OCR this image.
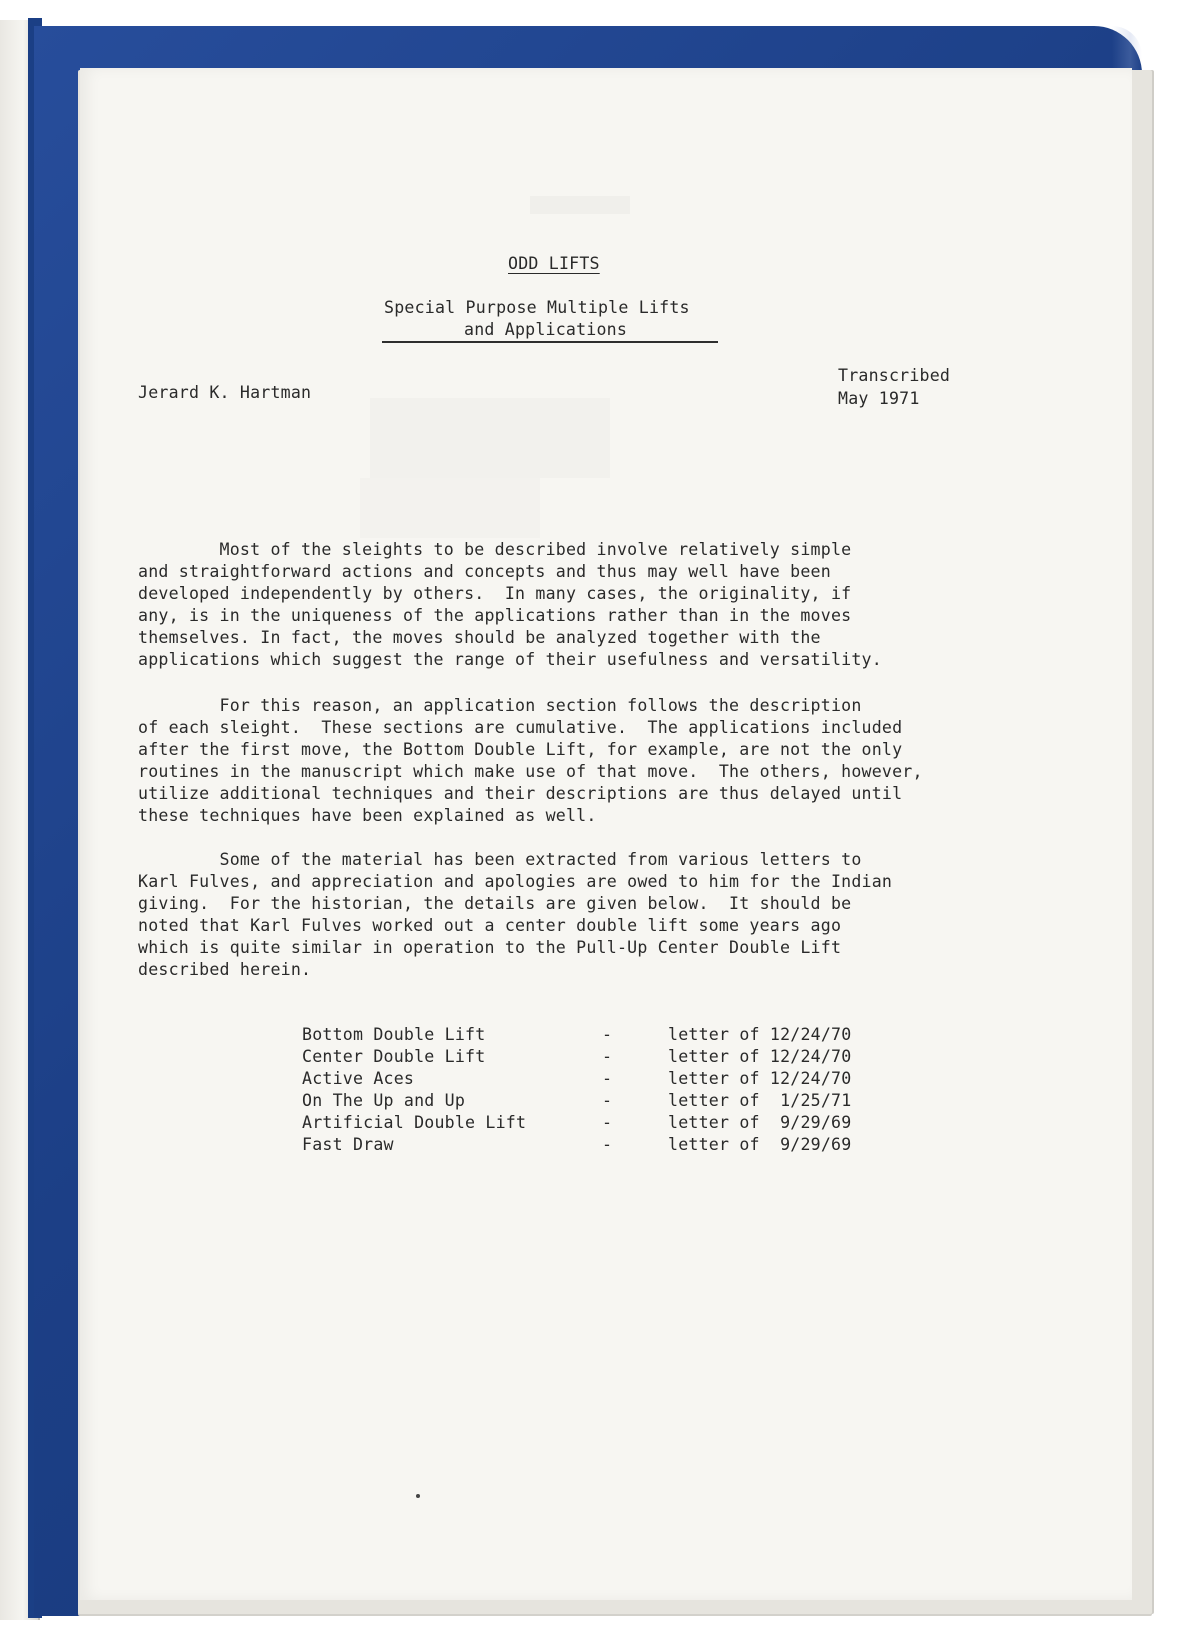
ODD LIFTS
Special Purpose Multiple Lifts
and Applications
Jerard K. Hartman
Transcribed
May 1971
Most of the sleights to be described involve relatively simple
and straightforward actions and concepts and thus may well have been
developed independently by others.  In many cases, the originality, if
any, is in the uniqueness of the applications rather than in the moves
themselves. In fact, the moves should be analyzed together with the
applications which suggest the range of their usefulness and versatility.
For this reason, an application section follows the description
of each sleight.  These sections are cumulative.  The applications included
after the first move, the Bottom Double Lift, for example, are not the only
routines in the manuscript which make use of that move.  The others, however,
utilize additional techniques and their descriptions are thus delayed until
these techniques have been explained as well.
Some of the material has been extracted from various letters to
Karl Fulves, and appreciation and apologies are owed to him for the Indian
giving.  For the historian, the details are given below.  It should be
noted that Karl Fulves worked out a center double lift some years ago
which is quite similar in operation to the Pull-Up Center Double Lift
described herein.
Bottom Double Lift	-	letter of 12/24/70
Center Double Lift	-	letter of 12/24/70
Active Aces	-	letter of 12/24/70
On The Up and Up	-	letter of  1/25/71
Artificial Double Lift	-	letter of  9/29/69
Fast Draw	-	letter of  9/29/69
